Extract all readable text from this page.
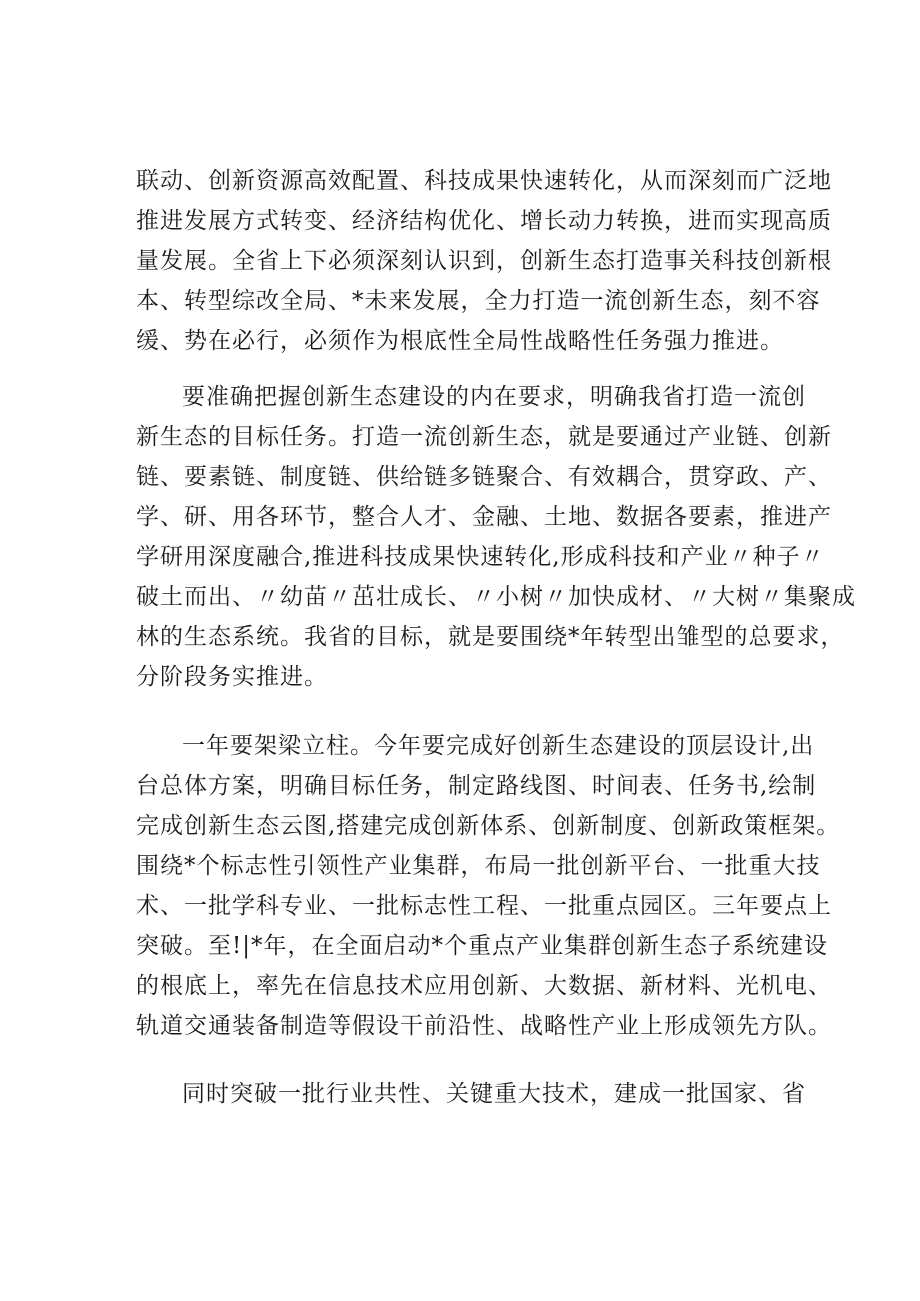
联动、创新资源高效配置、科技成果快速转化，从而深刻而广泛地
推进发展方式转变、经济结构优化、增长动力转换，进而实现高质
量发展。全省上下必须深刻认识到，创新生态打造事关科技创新根
本、转型综改全局、*未来发展，全力打造一流创新生态，刻不容
缓、势在必行，必须作为根底性全局性战略性任务强力推进。
要准确把握创新生态建设的内在要求，明确我省打造一流创
新生态的目标任务。打造一流创新生态，就是要通过产业链、创新
链、要素链、制度链、供给链多链聚合、有效耦合，贯穿政、产、
学、研、用各环节，整合人才、金融、土地、数据各要素，推进产
学研用深度融合,推进科技成果快速转化,形成科技和产业〃种子〃
破土而出、〃幼苗〃茁壮成长、〃小树〃加快成材、〃大树〃集聚成
林的生态系统。我省的目标，就是要围绕*年转型出雏型的总要求，
分阶段务实推进。
一年要架梁立柱。今年要完成好创新生态建设的顶层设计,出
台总体方案，明确目标任务，制定路线图、时间表、任务书,绘制
完成创新生态云图,搭建完成创新体系、创新制度、创新政策框架。
围绕*个标志性引领性产业集群，布局一批创新平台、一批重大技
术、一批学科专业、一批标志性工程、一批重点园区。三年要点上
突破。至!|*年，在全面启动*个重点产业集群创新生态子系统建设
的根底上，率先在信息技术应用创新、大数据、新材料、光机电、
轨道交通装备制造等假设干前沿性、战略性产业上形成领先方队。
同时突破一批行业共性、关键重大技术，建成一批国家、省
